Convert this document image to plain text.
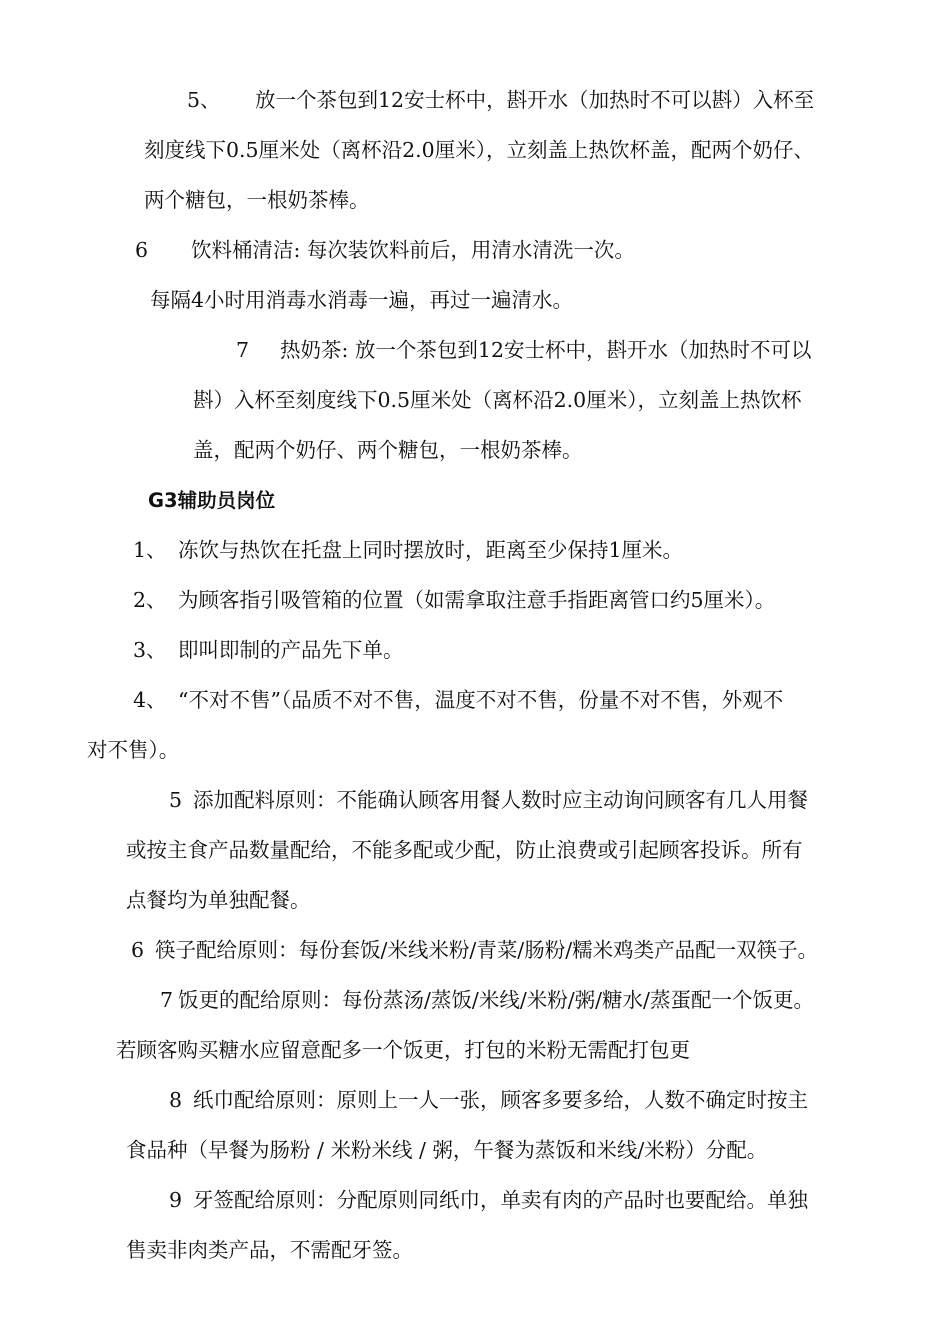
5、 放一个茶包到12安士杯中，斟开水（加热时不可以斟）入杯至
刻度线下0.5厘米处（离杯沿2.0厘米），立刻盖上热饮杯盖，配两个奶仔、
两个糖包，一根奶茶棒。
6 饮料桶清洁: 每次装饮料前后，用清水清洗一次。
每隔4小时用消毒水消毒一遍，再过一遍清水。
7 热奶茶: 放一个茶包到12安士杯中，斟开水（加热时不可以
斟）入杯至刻度线下0.5厘米处（离杯沿2.0厘米），立刻盖上热饮杯
盖，配两个奶仔、两个糖包，一根奶茶棒。
G3辅助员岗位
1、 冻饮与热饮在托盘上同时摆放时，距离至少保持1厘米。
2、 为顾客指引吸管箱的位置（如需拿取注意手指距离管口约5厘米）。
3、 即叫即制的产品先下单。
4、 “不对不售”（品质不对不售，温度不对不售，份量不对不售，外观不
对不售）。
5 添加配料原则：不能确认顾客用餐人数时应主动询问顾客有几人用餐
或按主食产品数量配给，不能多配或少配，防止浪费或引起顾客投诉。所有
点餐均为单独配餐。
6 筷子配给原则：每份套饭/米线米粉/青菜/肠粉/糯米鸡类产品配一双筷子。
7 饭更的配给原则：每份蒸汤/蒸饭/米线/米粉/粥/糖水/蒸蛋配一个饭更。
若顾客购买糖水应留意配多一个饭更，打包的米粉无需配打包更
8 纸巾配给原则：原则上一人一张，顾客多要多给，人数不确定时按主
食品种（早餐为肠粉 / 米粉米线 / 粥，午餐为蒸饭和米线/米粉）分配。
9 牙签配给原则：分配原则同纸巾，单卖有肉的产品时也要配给。单独
售卖非肉类产品，不需配牙签。
